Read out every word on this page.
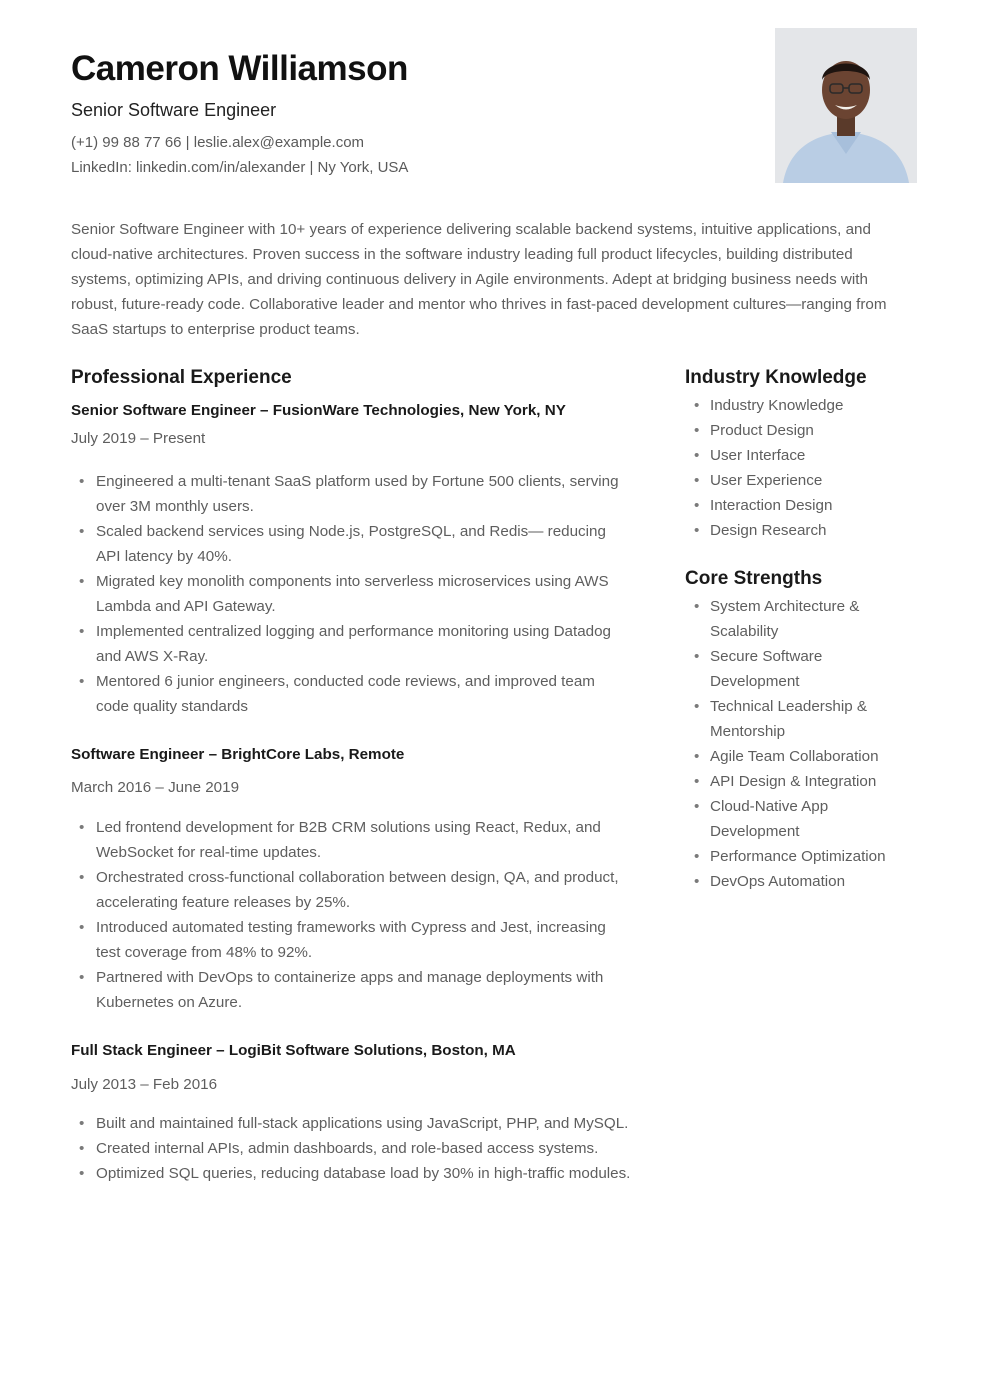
Cameron Williamson
Senior Software Engineer
(+1) 99 88 77 66 | leslie.alex@example.com
LinkedIn: linkedin.com/in/alexander | Ny York, USA

Senior Software Engineer with 10+ years of experience delivering scalable backend systems, intuitive applications, and cloud-native architectures. Proven success in the software industry leading full product lifecycles, building distributed systems, optimizing APIs, and driving continuous delivery in Agile environments. Adept at bridging business needs with robust, future-ready code. Collaborative leader and mentor who thrives in fast-paced development cultures—ranging from SaaS startups to enterprise product teams.

Professional Experience
Senior Software Engineer – FusionWare Technologies, New York, NY
July 2019 – Present
• Engineered a multi-tenant SaaS platform used by Fortune 500 clients, serving over 3M monthly users.
• Scaled backend services using Node.js, PostgreSQL, and Redis— reducing API latency by 40%.
• Migrated key monolith components into serverless microservices using AWS Lambda and API Gateway.
• Implemented centralized logging and performance monitoring using Datadog and AWS X-Ray.
• Mentored 6 junior engineers, conducted code reviews, and improved team code quality standards
Software Engineer – BrightCore Labs, Remote
March 2016 – June 2019
• Led frontend development for B2B CRM solutions using React, Redux, and WebSocket for real-time updates.
• Orchestrated cross-functional collaboration between design, QA, and product, accelerating feature releases by 25%.
• Introduced automated testing frameworks with Cypress and Jest, increasing test coverage from 48% to 92%.
• Partnered with DevOps to containerize apps and manage deployments with Kubernetes on Azure.
Full Stack Engineer – LogiBit Software Solutions, Boston, MA
July 2013 – Feb 2016
• Built and maintained full-stack applications using JavaScript, PHP, and MySQL.
• Created internal APIs, admin dashboards, and role-based access systems.
• Optimized SQL queries, reducing database load by 30% in high-traffic modules.
Industry Knowledge
• Industry Knowledge
• Product Design
• User Interface
• User Experience
• Interaction Design
• Design Research
Core Strengths
• System Architecture & Scalability
• Secure Software Development
• Technical Leadership & Mentorship
• Agile Team Collaboration
• API Design & Integration
• Cloud-Native App Development
• Performance Optimization
• DevOps Automation
